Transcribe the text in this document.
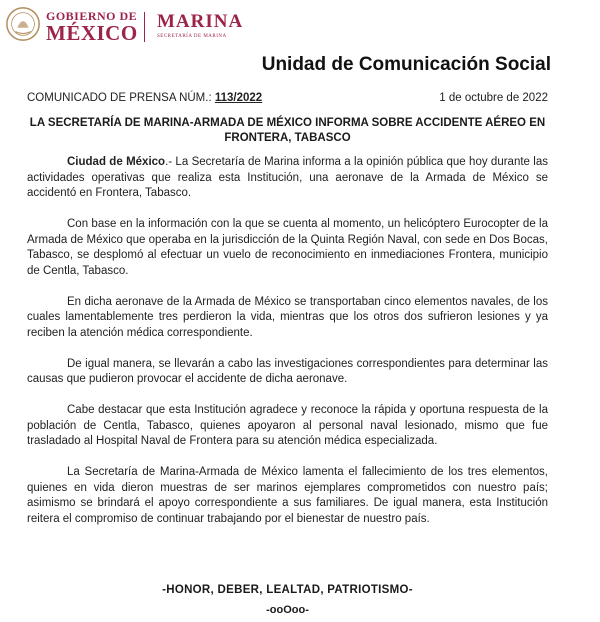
GOBIERNO DE
MÉXICO MARINA
SECRETARÍA DE MARINA
Unidad de Comunicación Social
COMUNICADO DE PRENSA NÚM.: 113/2022	1 de octubre de 2022
LA SECRETARÍA DE MARINA-ARMADA DE MÉXICO INFORMA SOBRE ACCIDENTE AÉREO EN FRONTERA, TABASCO

Ciudad de México.- La Secretaría de Marina informa a la opinión pública que hoy durante las actividades operativas que realiza esta Institución, una aeronave de la Armada de México se accidentó en Frontera, Tabasco.

Con base en la información con la que se cuenta al momento, un helicóptero Eurocopter de la Armada de México que operaba en la jurisdicción de la Quinta Región Naval, con sede en Dos Bocas, Tabasco, se desplomó al efectuar un vuelo de reconocimiento en inmediaciones Frontera, municipio de Centla, Tabasco.

En dicha aeronave de la Armada de México se transportaban cinco elementos navales, de los cuales lamentablemente tres perdieron la vida, mientras que los otros dos sufrieron lesiones y ya reciben la atención médica correspondiente.

De igual manera, se llevarán a cabo las investigaciones correspondientes para determinar las causas que pudieron provocar el accidente de dicha aeronave.

Cabe destacar que esta Institución agradece y reconoce la rápida y oportuna respuesta de la población de Centla, Tabasco, quienes apoyaron al personal naval lesionado, mismo que fue trasladado al Hospital Naval de Frontera para su atención médica especializada.

La Secretaría de Marina-Armada de México lamenta el fallecimiento de los tres elementos, quienes en vida dieron muestras de ser marinos ejemplares comprometidos con nuestro país; asimismo se brindará el apoyo correspondiente a sus familiares. De igual manera, esta Institución reitera el compromiso de continuar trabajando por el bienestar de nuestro país.

-HONOR, DEBER, LEALTAD, PATRIOTISMO-
-ooOoo-
